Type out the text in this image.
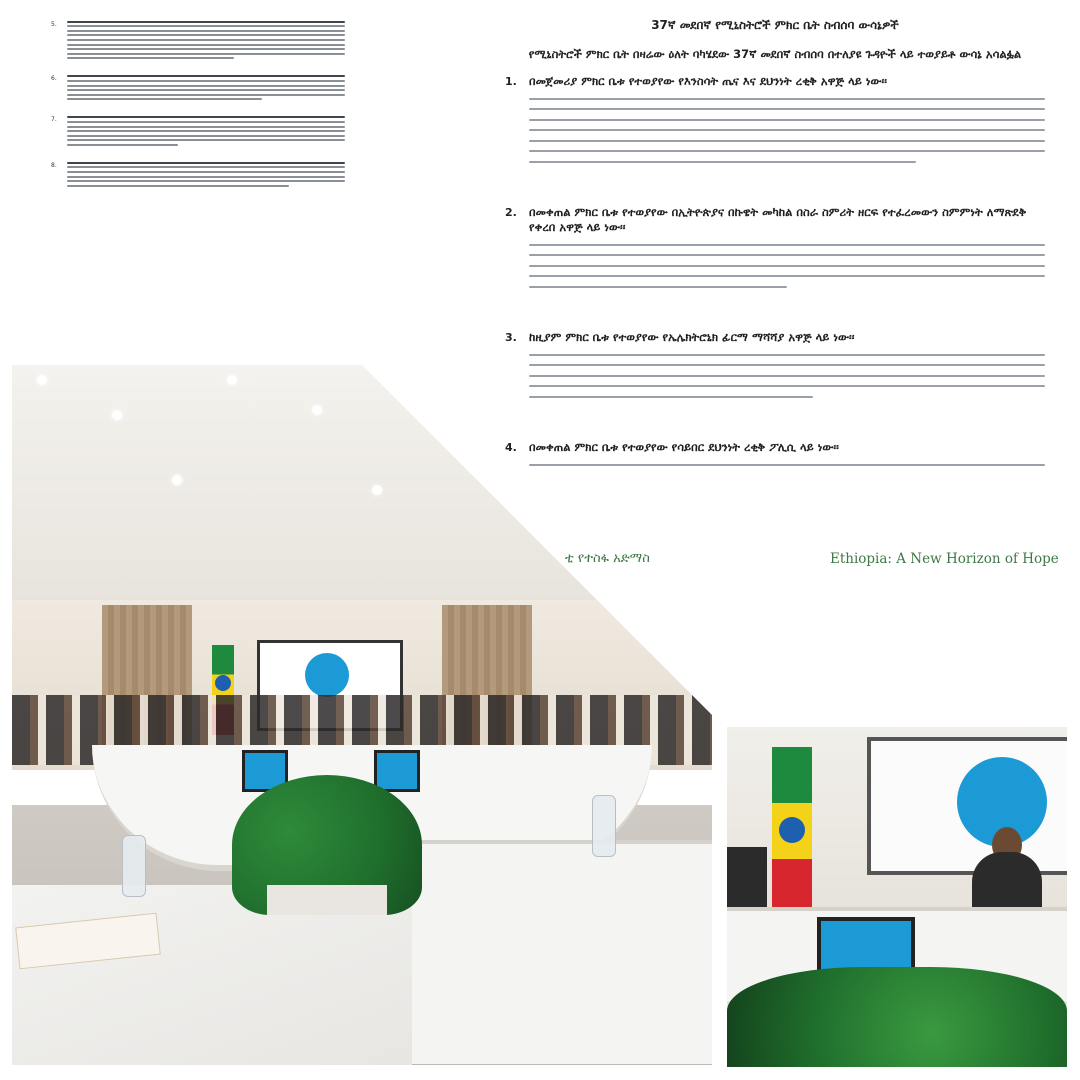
5.
6.
7.
8.
37ኛ መደበኛ የሚኒስትሮች ምክር ቤት ስብሰባ ውሳኔዎች
የሚኒስትሮች ምክር ቤት በዛሬው ዕለት ባካሄደው 37ኛ መደበኛ ስብሰባ በተለያዩ ጉዳዮች ላይ ተወያይቶ ውሳኔ አሳልፏል
1.	በመጀመሪያ ምክር ቤቱ የተወያየው የእንስሳት ጤና እና ደህንነት ረቂቅ አዋጅ ላይ ነው፡፡
2.	በመቀጠል ምክር ቤቱ የተወያየው በኢትዮጵያና በኩዌት መካከል በስራ ስምሪት ዘርፍ የተፈረመውን ስምምነት ለማጽደቅ የቀረበ አዋጅ ላይ ነው፡፡
3.	ከዚያም ምክር ቤቱ የተወያየው የኤሌክትሮኒክ ፊርማ ማሻሻያ አዋጅ ላይ ነው፡፡
4.	በመቀጠል ምክር ቤቱ የተወያየው የሳይበር ደህንነት ረቂቅ ፖሊሲ ላይ ነው፡፡
ቲ የተስፋ አድማስ	Ethiopia: A New Horizon of Hope
